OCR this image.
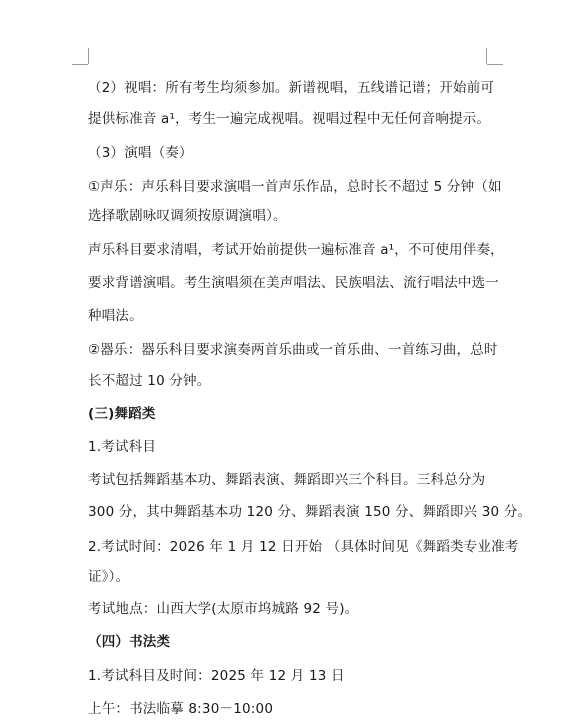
（2）视唱：所有考生均须参加。新谱视唱，五线谱记谱；开始前可
提供标准音 a¹，考生一遍完成视唱。视唱过程中无任何音响提示。
（3）演唱（奏）
①声乐：声乐科目要求演唱一首声乐作品，总时长不超过 5 分钟（如
选择歌剧咏叹调须按原调演唱）。
声乐科目要求清唱，考试开始前提供一遍标准音 a¹，不可使用伴奏，
要求背谱演唱。考生演唱须在美声唱法、民族唱法、流行唱法中选一
种唱法。
②器乐：器乐科目要求演奏两首乐曲或一首乐曲、一首练习曲，总时
长不超过 10 分钟。
(三)舞蹈类
1.考试科目
考试包括舞蹈基本功、舞蹈表演、舞蹈即兴三个科目。三科总分为
300 分，其中舞蹈基本功 120 分、舞蹈表演 150 分、舞蹈即兴 30 分。
2.考试时间：2026 年 1 月 12 日开始 （具体时间见《舞蹈类专业准考
证》）。
考试地点：山西大学(太原市坞城路 92 号)。
（四）书法类
1.考试科目及时间：2025 年 12 月 13 日
上午：书法临摹 8:30－10:00
